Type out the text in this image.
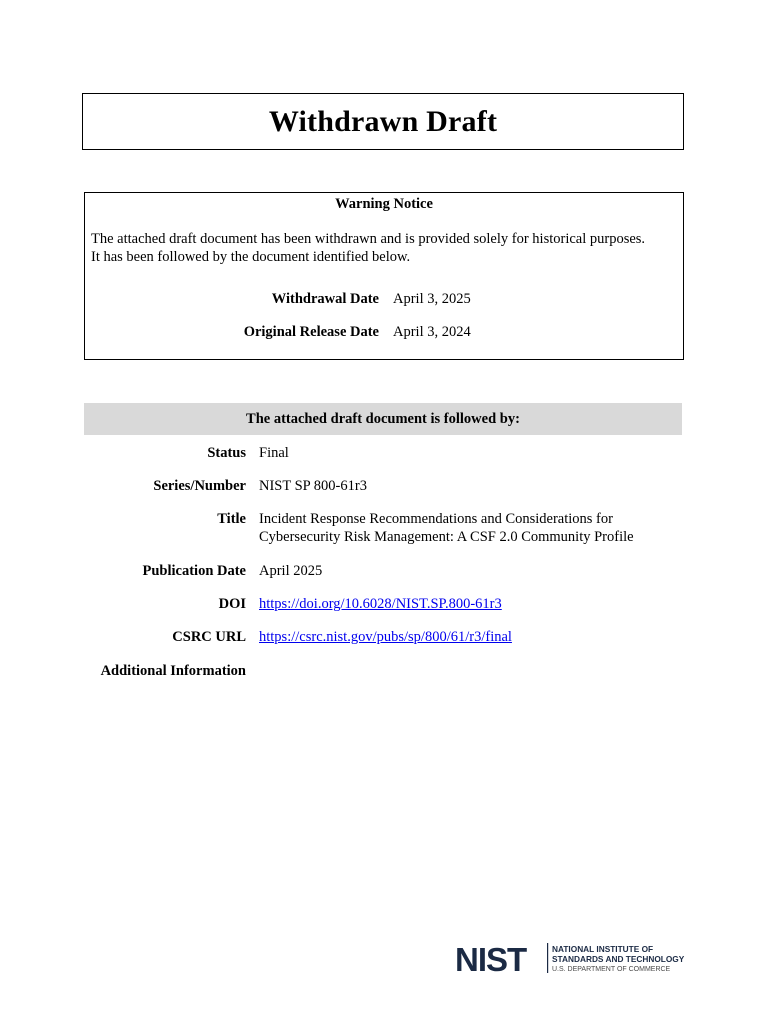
Withdrawn Draft
Warning Notice
The attached draft document has been withdrawn and is provided solely for historical purposes.
It has been followed by the document identified below.
Withdrawal Date April 3, 2025
Original Release Date April 3, 2024
The attached draft document is followed by:
Status Final
Series/Number NIST SP 800-61r3
Title Incident Response Recommendations and Considerations for
Cybersecurity Risk Management: A CSF 2.0 Community Profile
Publication Date April 2025
DOI https://doi.org/10.6028/NIST.SP.800-61r3
CSRC URL https://csrc.nist.gov/pubs/sp/800/61/r3/final
Additional Information
NIST	NATIONAL INSTITUTE OF
STANDARDS AND TECHNOLOGY
U.S. DEPARTMENT OF COMMERCE
